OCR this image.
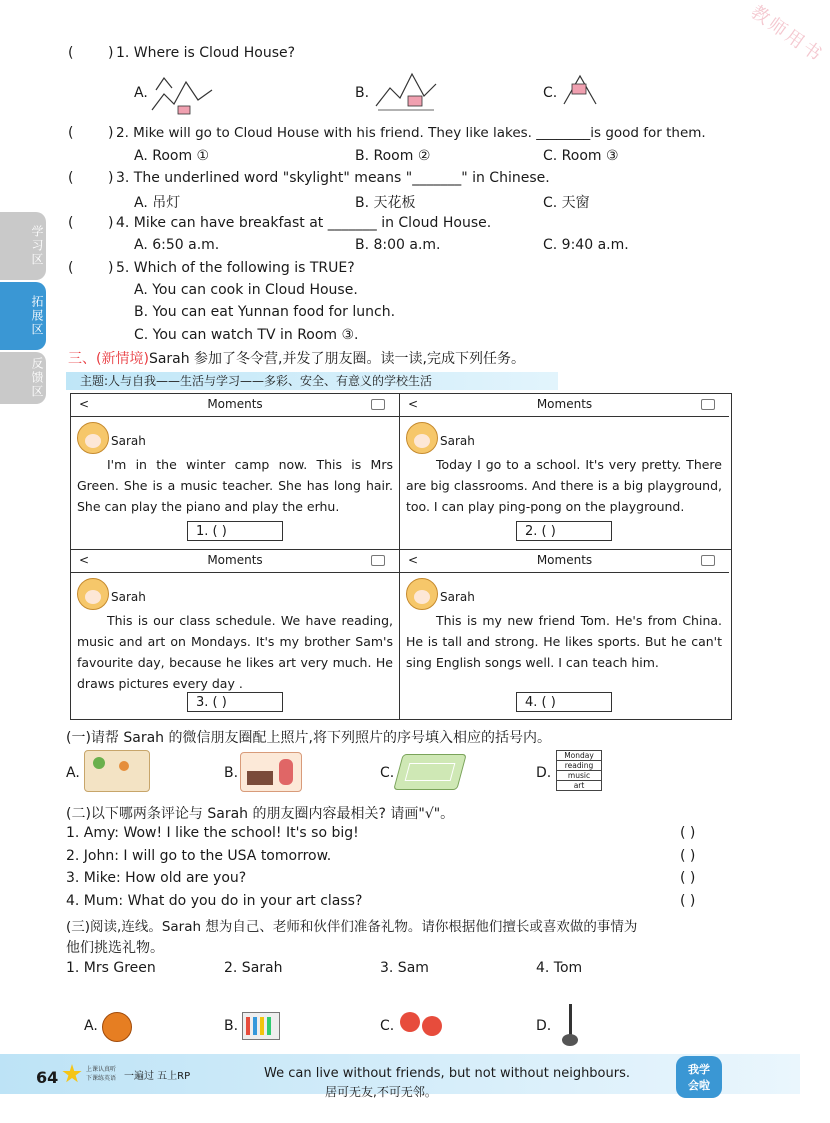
教师用书
学习区
拓展区
反馈区
( ) 1. Where is Cloud House?
A.	B.	C.
( ) 2. Mike will go to Cloud House with his friend. They like lakes. ________is good for them.
A. Room ①	B. Room ②	C. Room ③
( ) 3. The underlined word "skylight" means "_______" in Chinese.
A. 吊灯	B. 天花板	C. 天窗
( ) 4. Mike can have breakfast at _______ in Cloud House.
A. 6:50 a.m.	B. 8:00 a.m.	C. 9:40 a.m.
( ) 5. Which of the following is TRUE?
A. You can cook in Cloud House.
B. You can eat Yunnan food for lunch.
C. You can watch TV in Room ③.
三、(新情境)Sarah 参加了冬令营,并发了朋友圈。读一读,完成下列任务。
主题:人与自我——生活与学习——多彩、安全、有意义的学校生活
<	Moments
Sarah
I'm in the winter camp now. This is Mrs Green. She is a music teacher. She has long hair. She can play the piano and play the erhu.
1. ( )
<	Moments
Sarah
Today I go to a school. It's very pretty. There are big classrooms. And there is a big playground, too. I can play ping-pong on the playground.
2. ( )
<	Moments
Sarah
This is our class schedule. We have reading, music and art on Mondays. It's my brother Sam's favourite day, because he likes art very much. He draws pictures every day .
3. ( )
<	Moments
Sarah
This is my new friend Tom. He's from China. He is tall and strong. He likes sports. But he can't sing English songs well. I can teach him.
4. ( )
(一)请帮 Sarah 的微信朋友圈配上照片,将下列照片的序号填入相应的括号内。
A.	B.	C.	D.
Monday
reading
music
art
(二)以下哪两条评论与 Sarah 的朋友圈内容最相关? 请画"√"。
1. Amy: Wow! I like the school! It's so big!	( )
2. John: I will go to the USA tomorrow.	( )
3. Mike: How old are you?	( )
4. Mum: What do you do in your art class?	( )
(三)阅读,连线。Sarah 想为自己、老师和伙伴们准备礼物。请你根据他们擅长或喜欢做的事情为
他们挑选礼物。
1. Mrs Green	2. Sarah	3. Sam	4. Tom
A.	B.	C.	D.
64	上课认真听
下课练英语 一遍过 五上RP	We can live without friends, but not without neighbours.
居可无友,不可无邻。
我学
会啦
